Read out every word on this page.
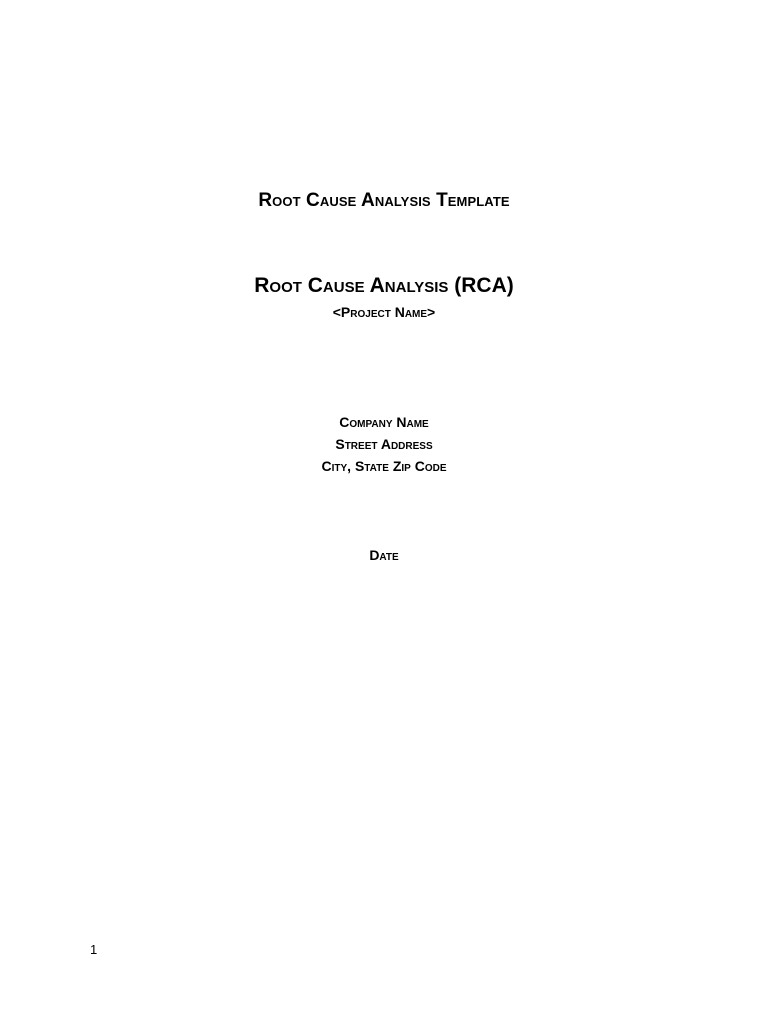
Root Cause Analysis Template
Root Cause Analysis (RCA)
<Project Name>
Company Name
Street Address
City, State Zip Code
Date
1
